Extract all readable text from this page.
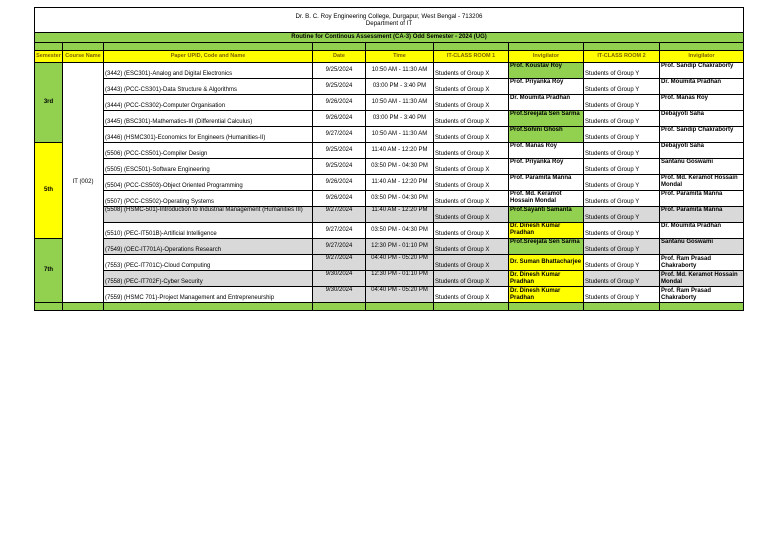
Dr. B. C. Roy Engineering College, Durgapur, West Bengal - 713206
Department of IT								

Routine for Continous Assessment (CA-3) Odd Semester - 2024 (UG)								

Semester	Course Name	Paper UPID, Code and Name	Date	Time	IT-CLASS ROOM 1	Invigilator	IT-CLASS ROOM 2	Invigilator
3rd	IT (002)	(3442) (ESC301)-Analog and Digital Electronics	9/25/2024	10:50 AM - 11:30 AM	Students of Group X	Prof. Koustav Roy	Students of Group Y	Prof. Sandip Chakraborty
		(3443) (PCC-CS301)-Data Structure & Algorithms	9/25/2024	03:00 PM - 3:40 PM	Students of Group X	Prof. Priyanka Roy	Students of Group Y	Dr. Moumita Pradhan
		(3444) (PCC-CS302)-Computer Organisation	9/26/2024	10:50 AM - 11:30 AM	Students of Group X	Dr. Moumita Pradhan	Students of Group Y	Prof. Manas Roy
		(3445) (BSC301)-Mathematics-III (Differential Calculus)	9/26/2024	03:00 PM - 3:40 PM	Students of Group X	Prof.Sreejata Sen Sarma	Students of Group Y	Debajyoti Saha
		(3446) (HSMC301)-Economics for Engineers (Humanities-II)	9/27/2024	10:50 AM - 11:30 AM	Students of Group X	Prof.Sohini Ghosh	Students of Group Y	Prof. Sandip Chakraborty
5th		(5506) (PCC-CS501)-Compiler Design	9/25/2024	11:40 AM - 12:20 PM	Students of Group X	Prof. Manas Roy	Students of Group Y	Debajyoti Saha
		(5505) (ESC501)-Software Engineering	9/25/2024	03:50 PM - 04:30 PM	Students of Group X	Prof. Priyanka Roy	Students of Group Y	Santanu Goswami
		(5504) (PCC-CS503)-Object Oriented Programming	9/26/2024	11:40 AM - 12:20 PM	Students of Group X	Prof. Paramita Manna	Students of Group Y	Prof. Md. Keramot Hossain Mondal
		(5507) (PCC-CS502)-Operating Systems	9/26/2024	03:50 PM - 04:30 PM	Students of Group X	Prof. Md. Keramot Hossain Mondal	Students of Group Y	Prof. Paramita Manna
		(5508) (HSMC-501)-Introduction to Industrial Management (Humanities III)	9/27/2024	11:40 AM - 12:20 PM	Students of Group X	Prof.Sayanti Samanta	Students of Group Y	Prof. Paramita Manna
		(5510) (PEC-IT501B)-Artificial Intelligence	9/27/2024	03:50 PM - 04:30 PM	Students of Group X	Dr. Dinesh Kumar Pradhan	Students of Group Y	Dr. Moumita Pradhan
7th		(7549) (OEC-IT701A)-Operations Research	9/27/2024	12:30 PM - 01:10 PM	Students of Group X	Prof.Sreejata Sen Sarma	Students of Group Y	Santanu Goswami
		(7553) (PEC-IT701C)-Cloud Computing	9/27/2024	04:40 PM - 05:20 PM	Students of Group X	Dr. Suman Bhattacharjee	Students of Group Y	Prof. Ram Prasad Chakraborty
		(7558) (PEC-IT702F)-Cyber Security	9/30/2024	12:30 PM - 01:10 PM	Students of Group X	Dr. Dinesh Kumar Pradhan	Students of Group Y	Prof. Md. Keramot Hossain Mondal
		(7559) (HSMC 701)-Project Management and Entrepreneurship	9/30/2024	04:40 PM - 05:20 PM	Students of Group X	Dr. Dinesh Kumar Pradhan	Students of Group Y	Prof. Ram Prasad Chakraborty
